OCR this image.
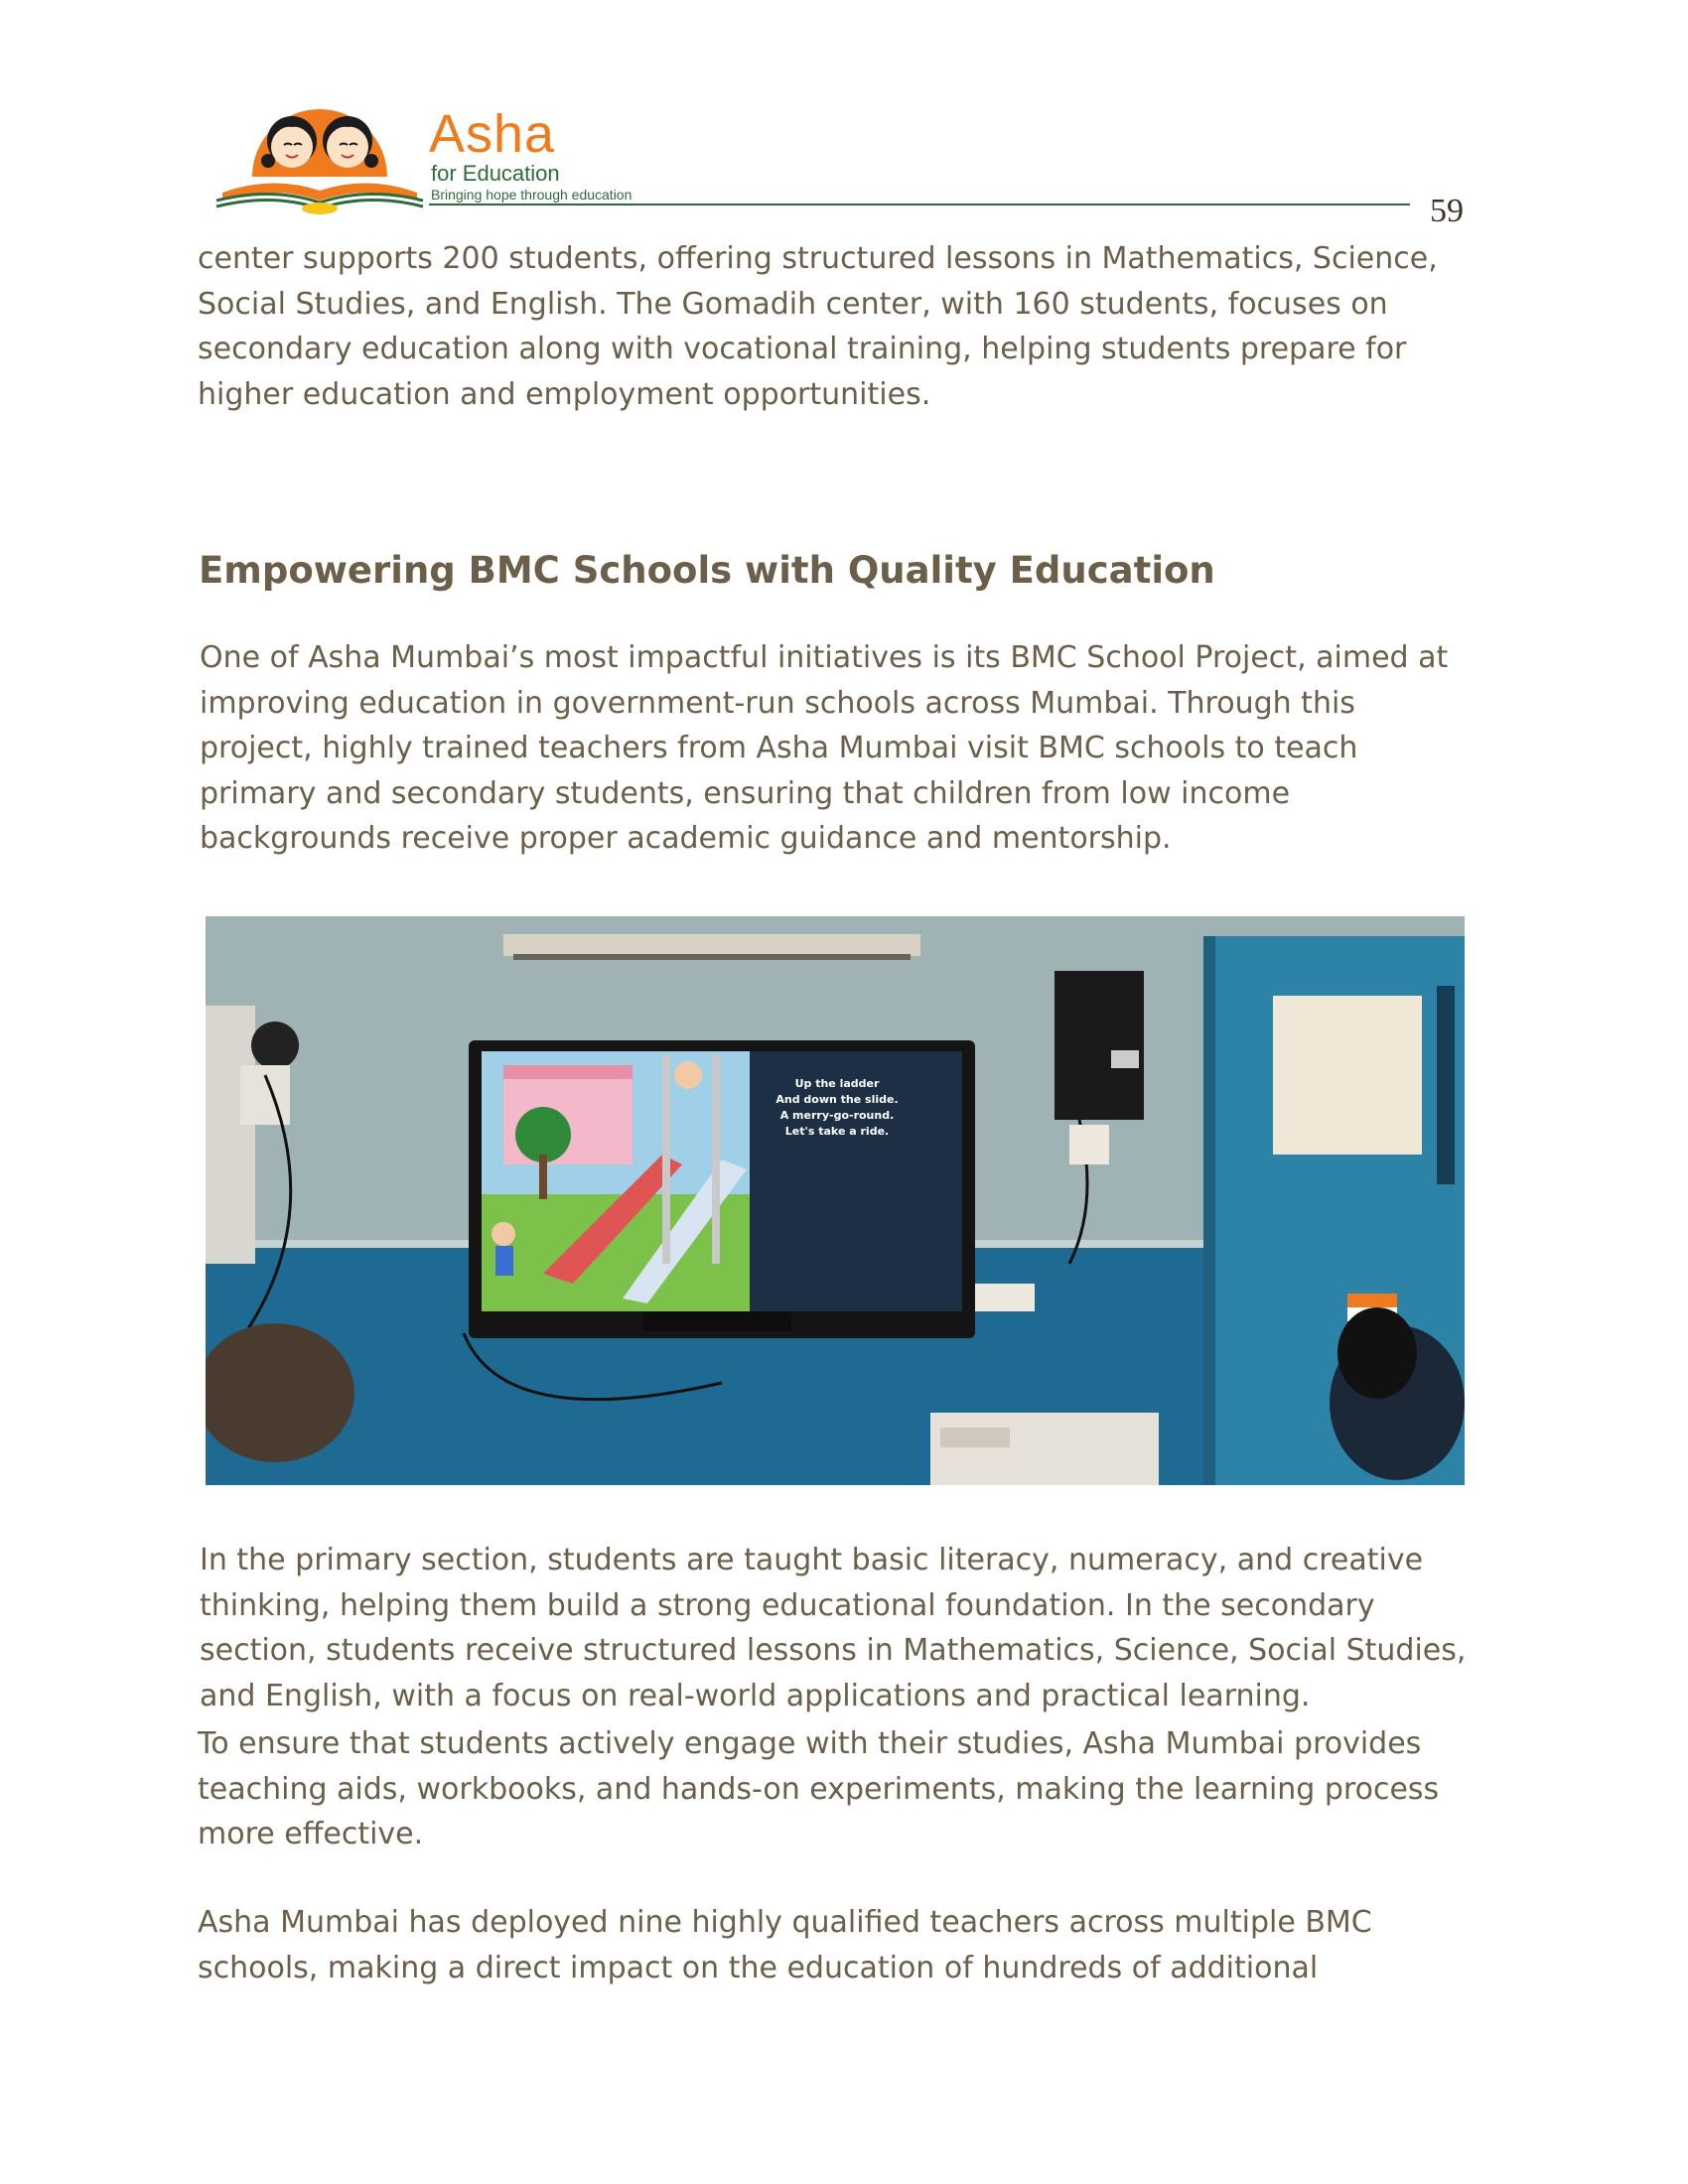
Asha
for Education
Bringing hope through education	59
center supports 200 students, offering structured lessons in Mathematics, Science,
Social Studies, and English. The Gomadih center, with 160 students, focuses on
secondary education along with vocational training, helping students prepare for
higher education and employment opportunities.
Empowering BMC Schools with Quality Education
One of Asha Mumbai’s most impactful initiatives is its BMC School Project, aimed at
improving education in government-run schools across Mumbai. Through this
project, highly trained teachers from Asha Mumbai visit BMC schools to teach
primary and secondary students, ensuring that children from low income
backgrounds receive proper academic guidance and mentorship.
Up the ladder
And down the slide.
A merry-go-round.
Let's take a ride.
In the primary section, students are taught basic literacy, numeracy, and creative
thinking, helping them build a strong educational foundation. In the secondary
section, students receive structured lessons in Mathematics, Science, Social Studies,
and English, with a focus on real-world applications and practical learning.
To ensure that students actively engage with their studies, Asha Mumbai provides
teaching aids, workbooks, and hands-on experiments, making the learning process
more effective.
Asha Mumbai has deployed nine highly qualified teachers across multiple BMC
schools, making a direct impact on the education of hundreds of additional
